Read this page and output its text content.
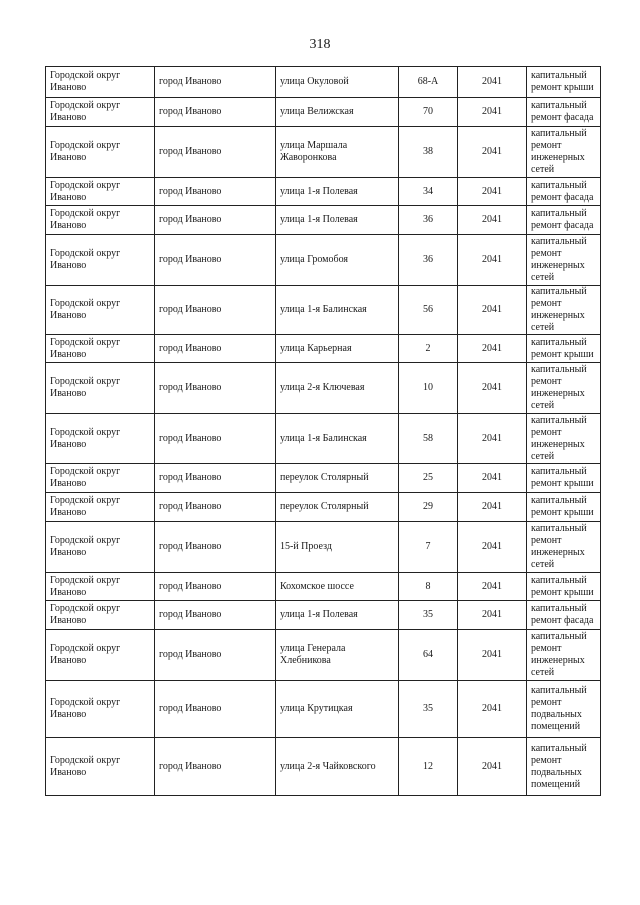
318
Городской округ Иваново	город Иваново	улица Окуловой	68-А	2041	капитальный ремонт крыши
Городской округ Иваново	город Иваново	улица Велижская	70	2041	капитальный ремонт фасада
Городской округ Иваново	город Иваново	улица Маршала Жаворонкова	38	2041	капитальный ремонт инженерных сетей
Городской округ Иваново	город Иваново	улица 1-я Полевая	34	2041	капитальный ремонт фасада
Городской округ Иваново	город Иваново	улица 1-я Полевая	36	2041	капитальный ремонт фасада
Городской округ Иваново	город Иваново	улица Громобоя	36	2041	капитальный ремонт инженерных сетей
Городской округ Иваново	город Иваново	улица 1-я Балинская	56	2041	капитальный ремонт инженерных сетей
Городской округ Иваново	город Иваново	улица Карьерная	2	2041	капитальный ремонт крыши
Городской округ Иваново	город Иваново	улица 2-я Ключевая	10	2041	капитальный ремонт инженерных сетей
Городской округ Иваново	город Иваново	улица 1-я Балинская	58	2041	капитальный ремонт инженерных сетей
Городской округ Иваново	город Иваново	переулок Столярный	25	2041	капитальный ремонт крыши
Городской округ Иваново	город Иваново	переулок Столярный	29	2041	капитальный ремонт крыши
Городской округ Иваново	город Иваново	15-й Проезд	7	2041	капитальный ремонт инженерных сетей
Городской округ Иваново	город Иваново	Кохомское шоссе	8	2041	капитальный ремонт крыши
Городской округ Иваново	город Иваново	улица 1-я Полевая	35	2041	капитальный ремонт фасада
Городской округ Иваново	город Иваново	улица Генерала Хлебникова	64	2041	капитальный ремонт инженерных сетей
Городской округ Иваново	город Иваново	улица Крутицкая	35	2041	капитальный ремонт подвальных помещений
Городской округ Иваново	город Иваново	улица 2-я Чайковского	12	2041	капитальный ремонт подвальных помещений
